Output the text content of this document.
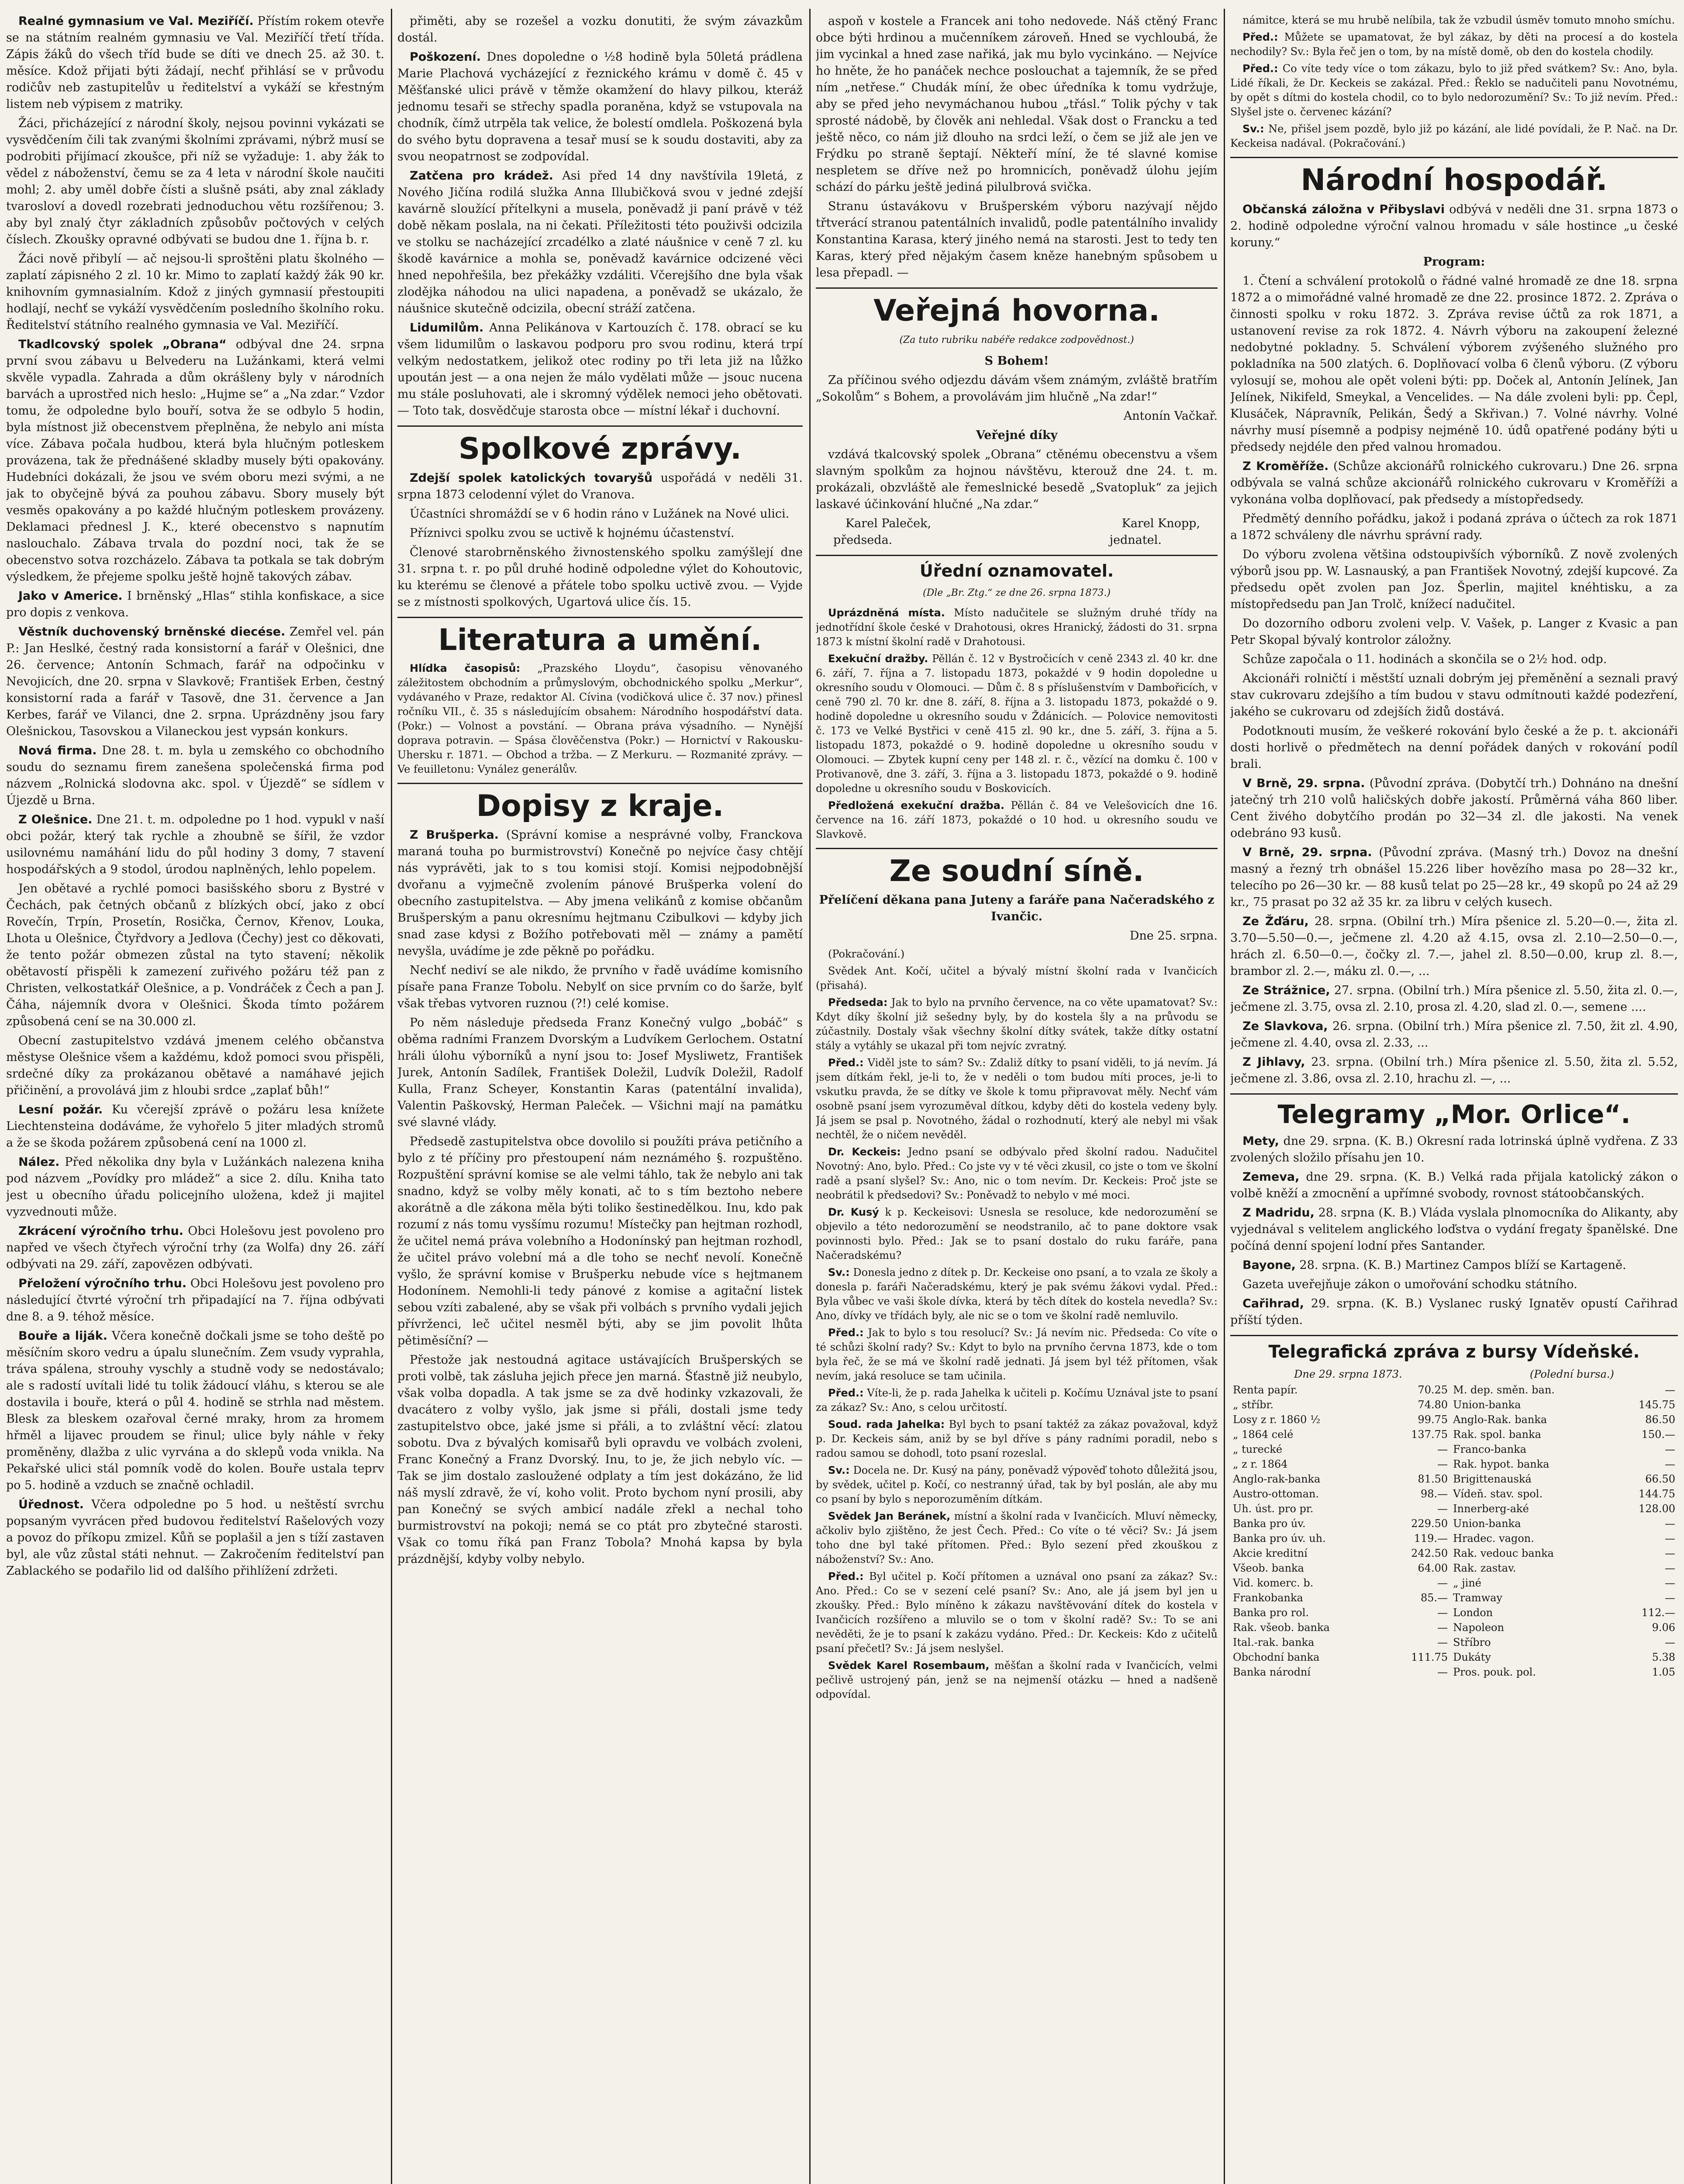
Realné gymnasium ve Val. Meziříčí. Přístím rokem otevře se na státním realném gymnasiu ve Val. Meziříčí třetí třída. Zápis žáků do všech tříd bude se díti ve dnech 25. až 30. t. měsíce. Kdož přijati býti žádají, nechť přihlásí se v průvodu rodičův neb zastupitelův u ředitelství a vykáží se křestným listem neb výpisem z matriky.

Žáci, přicházející z národní školy, nejsou povinni vykázati se vysvědčením čili tak zvanými školními zprávami, nýbrž musí se podrobiti přijímací zkoušce, při níž se vyžaduje: 1. aby žák to vědel z náboženství, čemu se za 4 leta v národní škole naučiti mohl; 2. aby uměl dobře čísti a slušně psáti, aby znal základy tvarosloví a dovedl rozebrati jednoduchou větu rozšířenou; 3. aby byl znalý čtyr základních způsobův počtových v celých číslech. Zkoušky opravné odbývati se budou dne 1. října b. r.

Žáci nově přibylí — ač nejsou-li sproštěni platu školného — zaplatí zápisného 2 zl. 10 kr. Mimo to zaplatí každý žák 90 kr. knihovním gymnasialním. Kdož z jiných gymnasií přestoupiti hodlají, nechť se vykáží vysvědčením posledního školního roku. Ředitelství státního realného gymnasia ve Val. Meziříčí.

Tkadlcovský spolek „Obrana“ odbýval dne 24. srpna první svou zábavu u Belvederu na Lužánkami, která velmi skvěle vypadla. Zahrada a dům okrášleny byly v národních barvách a uprostřed nich heslo: „Hujme se“ a „Na zdar.“ Vzdor tomu, že odpoledne bylo bouří, sotva že se odbylo 5 hodin, byla místnost již obecenstvem přeplněna, že nebylo ani místa více. Zábava počala hudbou, která byla hlučným potleskem provázena, tak že přednášené skladby musely býti opakovány. Hudebníci dokázali, že jsou ve svém oboru mezi svými, a ne jak to obyčejně bývá za pouhou zábavu. Sbory musely být vesměs opakovány a po každé hlučným potleskem provázeny. Deklamaci přednesl J. K., které obecenstvo s napnutím naslouchalo. Zábava trvala do pozdní noci, tak že se obecenstvo sotva rozcházelo. Zábava ta potkala se tak dobrým výsledkem, že přejeme spolku ještě hojně takových zábav.

Jako v Americe. I brněnský „Hlas“ stihla konfiskace, a sice pro dopis z venkova.

Věstník duchovenský brněnské diecése. Zemřel vel. pán P.: Jan Heslké, čestný rada konsistorní a farář v Olešnici, dne 26. července; Antonín Schmach, farář na odpočinku v Nevojicích, dne 20. srpna v Slavkově; František Erben, čestný konsistorní rada a farář v Tasově, dne 31. července a Jan Kerbes, farář ve Vilanci, dne 2. srpna. Uprázdněny jsou fary Olešnickou, Tasovskou a Vilaneckou jest vypsán konkurs.

Nová firma. Dne 28. t. m. byla u zemského co obchodního soudu do seznamu firem zanešena společenská firma pod názvem „Rolnická slodovna akc. spol. v Újezdě“ se sídlem v Újezdě u Brna.

Z Olešnice. Dne 21. t. m. odpoledne po 1 hod. vypukl v naší obci požár, který tak rychle a zhoubně se šířil, že vzdor usilovnému namáhání lidu do půl hodiny 3 domy, 7 stavení hospodářských a 9 stodol, úrodou naplněných, lehlo popelem.

Jen obětavé a rychlé pomoci basišského sboru z Bystré v Čechách, pak četných občanů z blízkých obcí, jako z obcí Rovečín, Trpín, Prosetín, Rosička, Černov, Křenov, Louka, Lhota u Olešnice, Čtyřdvory a Jedlova (Čechy) jest co děkovati, že tento požár obmezen zůstal na tyto stavení; několik obětavostí přispěli k zamezení zuřivého požáru též pan z Christen, velkostatkář Olešnice, a p. Vondráček z Čech a pan J. Čáha, nájemník dvora v Olešnici. Škoda tímto požárem způsobená cení se na 30.000 zl.

Obecní zastupitelstvo vzdává jmenem celého občanstva městyse Olešnice všem a každému, kdož pomoci svou přispěli, srdečné díky za prokázanou obětavé a namáhavé jejich přičinění, a provolává jim z hloubi srdce „zaplať bůh!“

Lesní požár. Ku včerejší zprávě o požáru lesa knížete Liechtensteina dodáváme, že vyhořelo 5 jiter mladých stromů a že se škoda požárem způsobená cení na 1000 zl.

Nález. Před několika dny byla v Lužánkách nalezena kniha pod názvem „Povídky pro mládež“ a sice 2. dílu. Kniha tato jest u obecního úřadu policejního uložena, kdež ji majitel vyzvednouti může.

Zkrácení výročního trhu. Obci Holešovu jest povoleno pro napřed ve všech čtyřech výroční trhy (za Wolfa) dny 26. září odbývati na 29. září, zapovězen odbývati.

Přeložení výročního trhu. Obci Holešovu jest povoleno pro následující čtvrté výroční trh připadající na 7. října odbývati dne 8. a 9. téhož měsíce.

Bouře a liják. Včera konečně dočkali jsme se toho deště po měsíčním skoro vedru a úpalu slunečním. Zem vsudy vyprahla, tráva spálena, strouhy vyschly a studně vody se nedostávalo; ale s radostí uvítali lidé tu tolik žádoucí vláhu, s kterou se ale dostavila i bouře, která o půl 4. hodině se strhla nad městem. Blesk za bleskem ozařoval černé mraky, hrom za hromem hřměl a lijavec proudem se řinul; ulice byly náhle v řeky proměněny, dlažba z ulic vyrvána a do sklepů voda vnikla. Na Pekařské ulici stál pomník vodě do kolen. Bouře ustala teprv po 5. hodině a vzduch se značně ochladil.

Úřednost. Včera odpoledne po 5 hod. u neštěstí svrchu popsaným vyvrácen před budovou ředitelství Rašelových vozy a povoz do příkopu zmizel. Kůň se poplašil a jen s tíží zastaven byl, ale vůz zůstal státi nehnut. — Zakročením ředitelství pan Zablackého se podařilo lid od dalšího přihlížení zdržeti.

přiměti, aby se rozešel a vozku donutiti, že svým závazkům dostál.

Poškození. Dnes dopoledne o ½8 hodině byla 50letá prádlena Marie Plachová vycházející z řeznického krámu v domě č. 45 v Měšťanské ulici právě v těmže okamžení do hlavy pilkou, kteráž jednomu tesaři se střechy spadla poraněna, když se vstupovala na chodník, čímž utrpěla tak velice, že bolestí omdlela. Poškozená byla do svého bytu dopravena a tesař musí se k soudu dostaviti, aby za svou neopatrnost se zodpovídal.

Zatčena pro krádež. Asi před 14 dny navštívila 19letá, z Nového Jičína rodilá služka Anna Illubičková svou v jedné zdejší kavárně sloužící přítelkyni a musela, poněvadž ji paní právě v též době někam poslala, na ni čekati. Příležitosti této použivši odcizila ve stolku se nacházející zrcadélko a zlaté náušnice v ceně 7 zl. ku škodě kavárnice a mohla se, poněvadž kavárnice odcizené věci hned nepohřešila, bez překážky vzdáliti. Včerejšího dne byla však zlodějka náhodou na ulici napadena, a poněvadž se ukázalo, že náušnice skutečně odcizila, obecní stráží zatčena.

Lidumilům. Anna Pelikánova v Kartouzích č. 178. obrací se ku všem lidumilům o laskavou podporu pro svou rodinu, která trpí velkým nedostatkem, jelikož otec rodiny po tři leta již na lůžko upoután jest — a ona nejen že málo vydělati může — jsouc nucena mu stále posluhovati, ale i skromný výdělek nemoci jeho obětovati. — Toto tak, dosvědčuje starosta obce — místní lékař i duchovní.

Spolkové zprávy.

Zdejší spolek katolických tovaryšů uspořádá v neděli 31. srpna 1873 celodenní výlet do Vranova.

Účastníci shromáždí se v 6 hodin ráno v Lužánek na Nové ulici.

Příznivci spolku zvou se uctivě k hojnému účastenství.

Členové starobrněnského živnostenského spolku zamýšlejí dne 31. srpna t. r. po půl druhé hodině odpoledne výlet do Kohoutovic, ku kterému se členové a přátele tobo spolku uctivě zvou. — Vyjde se z místnosti spolkových, Ugartová ulice čís. 15.

Literatura a umění.

Hlídka časopisů: „Prazského Lloydu“, časopisu věnovaného záležitostem obchodním a průmyslovým, obchodnického spolku „Merkur“, vydávaného v Praze, redaktor Al. Cívina (vodičková ulice č. 37 nov.) přinesl ročníku VII., č. 35 s následujícím obsahem: Národního hospodářství data. (Pokr.) — Volnost a povstání. — Obrana práva výsadního. — Nynější doprava potravin. — Spása člověčenstva (Pokr.) — Hornictví v Rakousku-Uhersku r. 1871. — Obchod a tržba. — Z Merkuru. — Rozmanité zprávy. — Ve feuilletonu: Vynález generálův.

Dopisy z kraje.

Z Brušperka. (Správní komise a nesprávné volby, Franckova maraná touha po burmistrovství) Konečně po nejvíce časy chtějí nás vyprávěti, jak to s tou komisi stojí. Komisi nejpodobnější dvořanu a vyjmečně zvolením pánové Brušperka volení do obecního zastupitelstva. — Aby jmena velikánů z komise občanům Brušperským a panu okresnímu hejtmanu Czibulkovi — kdyby jich snad zase kdysi z Božího potřebovati měl — známy a pamětí nevyšla, uvádíme je zde pěkně po pořádku.

Nechť nediví se ale nikdo, že prvního v řadě uvádíme komisního písaře pana Franze Tobolu. Nebylť on sice prvním co do šarže, bylť však třebas vytvoren ruznou (?!) celé komise.

Po něm následuje předseda Franz Konečný vulgo „bobáč“ s oběma radními Franzem Dvorským a Ludvíkem Gerlochem. Ostatní hráli úlohu výborníků a nyní jsou to: Josef Mysliwetz, František Jurek, Antonín Sadílek, František Doležil, Ludvík Doležil, Radolf Kulla, Franz Scheyer, Konstantin Karas (patentální invalida), Valentin Paškovský, Herman Paleček. — Všichni mají na památku své slavné vlády.

Předsedě zastupitelstva obce dovolilo si použíti práva petičního a bylo z té příčiny pro přestoupení nám neznámého §. rozpuštěno. Rozpuštění správní komise se ale velmi táhlo, tak že nebylo ani tak snadno, když se volby měly konati, ač to s tím beztoho nebere akorátně a dle zákona měla býti toliko šestinedělkou. Inu, kdo pak rozumí z nás tomu vysšímu rozumu! Místečky pan hejtman rozhodl, že učitel nemá práva volebního a Hodonínský pan hejtman rozhodl, že učitel právo volební má a dle toho se nechť nevolí. Konečně vyšlo, že správní komise v Brušperku nebude více s hejtmanem Hodonínem. Nemohli-li tedy pánové z komise a agitační listek sebou vzíti zabalené, aby se však při volbách s prvního vydali jejich přívrženci, leč učitel nesměl býti, aby se jim povolit lhůta pětiměsíční? —

Přestože jak nestoudná agitace ustávajících Brušperských se proti volbě, tak zásluha jejich přece jen marná. Šťastně již neubylo, však volba dopadla. A tak jsme se za dvě hodinky vzkazovali, že dvacátero z volby vyšlo, jak jsme si přáli, dostali jsme tedy zastupitelstvo obce, jaké jsme si přáli, a to zvláštní věcí: zlatou sobotu. Dva z bývalých komisařů byli opravdu ve volbách zvoleni, Franc Konečný a Franz Dvorský. Inu, to je, že jich nebylo víc. — Tak se jim dostalo zasloužené odplaty a tím jest dokázáno, že lid náš myslí zdravě, že ví, koho volit. Proto bychom nyní prosili, aby pan Konečný se svých ambicí nadále zřekl a nechal toho burmistrovství na pokoji; nemá se co ptát pro zbytečné starosti. Však co tomu říká pan Franz Tobola? Mnohá kapsa by byla prázdnější, kdyby volby nebylo.

aspoň v kostele a Francek ani toho nedovede. Náš ctěný Franc obce býti hrdinou a mučenníkem zároveň. Hned se vychloubá, že jim vycinkal a hned zase nařiká, jak mu bylo vycinkáno. — Nejvíce ho hněte, že ho panáček nechce poslouchat a tajemník, že se před ním „netřese.“ Chudák míní, že obec úředníka k tomu vydržuje, aby se před jeho nevymáchanou hubou „třásl.“ Tolik pýchy v tak sprosté nádobě, by člověk ani nehledal. Však dost o Francku a ted ještě něco, co nám již dlouho na srdci leží, o čem se již ale jen ve Frýdku po straně šeptají. Někteří míní, že té slavné komise nespletem se dříve než po hromnicích, poněvadž úlohu jejím schází do párku ještě jediná pilulbrová svička.

Stranu ústavákovu v Brušperském výboru nazývají nějdo třtverácí stranou patentálních invalidů, podle patentálního invalidy Konstantina Karasa, který jiného nemá na starosti. Jest to tedy ten Karas, který před nějakým časem kněze hanebným spůsobem u lesa přepadl. —

Veřejná hovorna.
(Za tuto rubriku nabéře redakce zodpovědnost.)

S Bohem!

Za příčinou svého odjezdu dávám všem známým, zvláště bratřím „Sokolům“ s Bohem, a provolávám jim hlučně „Na zdar!“

Antonín Vačkař.

Veřejné díky

vzdává tkalcovský spolek „Obrana“ ctěnému obecenstvu a všem slavným spolkům za hojnou návštěvu, kterouž dne 24. t. m. prokázali, obzvláště ale řemeslnické besedě „Svatopluk“ za jejich laskavé účinkování hlučné „Na zdar.“

Karel Paleček,
předseda.
Karel Knopp,
jednatel.

Úřední oznamovatel.
(Dle „Br. Ztg.“ ze dne 26. srpna 1873.)

Uprázdněná místa. Místo nadučitele se služným druhé třídy na jednotřídní škole české v Drahotousi, okres Hranický, žádosti do 31. srpna 1873 k místní školní radě v Drahotousi.

Exekuční dražby. Pěllán č. 12 v Bystročicích v ceně 2343 zl. 40 kr. dne 6. září, 7. října a 7. listopadu 1873, pokaždé v 9 hodin dopoledne u okresního soudu v Olomouci. — Dům č. 8 s příslušenstvím v Dambořicích, v ceně 790 zl. 70 kr. dne 8. září, 8. října a 3. listopadu 1873, pokaždé o 9. hodině dopoledne u okresního soudu v Ždánicích. — Polovice nemovitosti č. 173 ve Velké Bystřici v ceně 415 zl. 90 kr., dne 5. září, 3. října a 5. listopadu 1873, pokaždé o 9. hodině dopoledne u okresního soudu v Olomouci. — Zbytek kupní ceny per 148 zl. r. č., vězící na domku č. 100 v Protivanově, dne 3. září, 3. října a 3. listopadu 1873, pokaždé o 9. hodině dopoledne u okresního soudu v Boskovicích.

Předložená exekuční dražba. Pěllán č. 84 ve Velešovicích dne 16. července na 16. září 1873, pokaždé o 10 hod. u okresního soudu ve Slavkově.

Ze soudní síně.

Přelíčení děkana pana Juteny a faráře pana Načeradského z Ivančic.

Dne 25. srpna.

(Pokračování.)

Svědek Ant. Kočí, učitel a bývalý místní školní rada v Ivančicích (přisahá).

Předseda: Jak to bylo na prvního července, na co věte upamatovat? Sv.: Kdyt díky školní již sešedny byly, by do kostela šly a na průvodu se zúčastnily. Dostaly však všechny školní dítky svátek, takže dítky ostatní stály a vytáhly se ukazal při tom nejvíc zvratný.

Před.: Viděl jste to sám? Sv.: Zdaliž dítky to psaní viděli, to já nevím. Já jsem dítkám řekl, je-li to, že v neděli o tom budou míti proces, je-li to vskutku pravda, že se dítky ve škole k tomu připravovat měly. Nechť vám osobně psaní jsem vyrozuměval dítkou, kdyby děti do kostela vedeny byly. Já jsem se psal p. Novotného, žádal o rozhodnutí, který ale nebyl mi však nechtěl, že o ničem nevěděl.

Dr. Keckeis: Jedno psaní se odbývalo před školní radou. Nadučitel Novotný: Ano, bylo. Před.: Co jste vy v té věci zkusil, co jste o tom ve školní radě a psaní slyšel? Sv.: Ano, nic o tom nevím. Dr. Keckeis: Proč jste se neobrátil k předsedovi? Sv.: Poněvadž to nebylo v mé moci.

Dr. Kusý k p. Keckeisovi: Usnesla se resoluce, kde nedorozumění se objevilo a této nedorozumění se neodstranilo, ač to pane doktore vsak povinnosti bylo. Před.: Jak se to psaní dostalo do ruku faráře, pana Načeradskému?

Sv.: Donesla jedno z dítek p. Dr. Keckeise ono psaní, a to vzala ze školy a donesla p. faráři Načeradskému, který je pak svému žákovi vydal. Před.: Byla vůbec ve vaši škole dívka, která by těch dítek do kostela nevedla? Sv.: Ano, dívky ve třídách byly, ale nic se o tom ve školní radě nemluvilo.

Před.: Jak to bylo s tou resolucí? Sv.: Já nevím nic. Předseda: Co víte o té schůzi školní rady? Sv.: Kdyt to bylo na prvního června 1873, kde o tom byla řeč, že se má ve školní radě jednati. Já jsem byl též přítomen, však nevím, jaká resoluce se tam učinila.

Před.: Víte-li, že p. rada Jahelka k učiteli p. Kočímu Uznával jste to psaní za zákaz? Sv.: Ano, s celou určitostí.

Soud. rada Jahelka: Byl bych to psaní taktéž za zákaz považoval, když p. Dr. Keckeis sám, aniž by se byl dříve s pány radními poradil, nebo s radou samou se dohodl, toto psaní rozeslal.

Sv.: Docela ne. Dr. Kusý na pány, poněvadž výpověď tohoto důležitá jsou, by svědek, učitel p. Kočí, co nestranný úřad, tak by byl poslán, ale aby mu co psaní by bylo s neporozuměním dítkám.

Svědek Jan Beránek, místní a školní rada v Ivančicích. Mluví německy, ačkoliv bylo zjištěno, že jest Čech. Před.: Co víte o té věci? Sv.: Já jsem toho dne byl také přítomen. Před.: Bylo sezení před zkouškou z náboženství? Sv.: Ano.

Před.: Byl učitel p. Kočí přítomen a uznával ono psaní za zákaz? Sv.: Ano. Před.: Co se v sezení celé psaní? Sv.: Ano, ale já jsem byl jen u zkoušky. Před.: Bylo míněno k zákazu navštěvování dítek do kostela v Ivančicích rozšířeno a mluvilo se o tom v školní radě? Sv.: To se ani nevěděti, že je to psaní k zakázu vydáno. Před.: Dr. Keckeis: Kdo z učitelů psaní přečetl? Sv.: Já jsem neslyšel.

Svědek Karel Rosembaum, měšťan a školní rada v Ivančicích, velmi pečlivě ustrojený pán, jenž se na nejmenší otázku — hned a nadšeně odpovídal.

námitce, která se mu hrubě nelíbila, tak že vzbudil úsměv tomuto mnoho smíchu.

Před.: Můžete se upamatovat, že byl zákaz, by děti na procesí a do kostela nechodily? Sv.: Byla řeč jen o tom, by na místě domě, ob den do kostela chodily.

Před.: Co víte tedy více o tom zákazu, bylo to již před svátkem? Sv.: Ano, byla. Lidé říkali, že Dr. Keckeis se zakázal. Před.: Řeklo se nadučiteli panu Novotnému, by opět s dítmi do kostela chodil, co to bylo nedorozumění? Sv.: To již nevím. Před.: Slyšel jste o. červenec kázání?

Sv.: Ne, přišel jsem pozdě, bylo již po kázání, ale lidé povídali, že P. Nač. na Dr. Keckeisa nadával. (Pokračování.)

Národní hospodář.

Občanská záložna v Přibyslavi odbývá v neděli dne 31. srpna 1873 o 2. hodině odpoledne výroční valnou hromadu v sále hostince „u české koruny.“

Program:

1. Čtení a schválení protokolů o řádné valné hromadě ze dne 18. srpna 1872 a o mimořádné valné hromadě ze dne 22. prosince 1872. 2. Zpráva o činnosti spolku v roku 1872. 3. Zpráva revise účtů za rok 1871, a ustanovení revise za rok 1872. 4. Návrh výboru na zakoupení železné nedobytné pokladny. 5. Schválení výborem zvýšeného služného pro pokladníka na 500 zlatých. 6. Doplňovací volba 6 členů výboru. (Z výboru vylosují se, mohou ale opět voleni býti: pp. Doček al, Antonín Jelínek, Jan Jelínek, Nikifeld, Smeykal, a Vencelides. — Na dále zvoleni byli: pp. Čepl, Klusáček, Nápravník, Pelikán, Šedý a Skřivan.) 7. Volné návrhy. Volné návrhy musí písemně a podpisy nejméně 10. údů opatřené podány býti u předsedy nejdéle den před valnou hromadou.

Z Kroměříže. (Schůze akcionářů rolnického cukrovaru.) Dne 26. srpna odbývala se valná schůze akcionářů rolnického cukrovaru v Kroměříži a vykonána volba doplňovací, pak předsedy a místopředsedy.

Předmětý denního pořádku, jakož i podaná zpráva o účtech za rok 1871 a 1872 schváleny dle návrhu správní rady.

Do výboru zvolena většina odstoupivších výborníků. Z nově zvolených výborů jsou pp. W. Lasnauský, a pan František Novotný, zdejší kupcové. Za předsedu opět zvolen pan Joz. Šperlin, majitel knéhtisku, a za místopředsedu pan Jan Trolč, knížecí nadučitel.

Do dozorního odboru zvoleni velp. V. Vašek, p. Langer z Kvasic a pan Petr Skopal bývalý kontrolor záložny.

Schůze započala o 11. hodinách a skončila se o 2½ hod. odp.

Akcionáři rolničtí i městští uznali dobrým jej přeměnění a seznali pravý stav cukrovaru zdejšího a tím budou v stavu odmítnouti každé podezření, jakého se cukrovaru od zdejších židů dostává.

Podotknouti musím, že veškeré rokování bylo české a že p. t. akcionáři dosti horlivě o předmětech na denní pořádek daných v rokování podíl brali.

V Brně, 29. srpna. (Původní zpráva. (Dobytčí trh.) Dohnáno na dnešní jatečný trh 210 volů haličských dobře jakostí. Průměrná váha 860 liber. Cent živého dobytčího prodán po 32—34 zl. dle jakosti. Na venek odebráno 93 kusů.

V Brně, 29. srpna. (Původní zpráva. (Masný trh.) Dovoz na dnešní masný a řezný trh obnášel 15.226 liber hovězího masa po 28—32 kr., telecího po 26—30 kr. — 88 kusů telat po 25—28 kr., 49 skopů po 24 až 29 kr., 75 prasat po 32 až 35 kr. za libru v celých kusech.

Ze Žďáru, 28. srpna. (Obilní trh.) Míra pšenice zl. 5.20—0.—, žita zl. 3.70—5.50—0.—, ječmene zl. 4.20 až 4.15, ovsa zl. 2.10—2.50—0.—, hrách zl. 6.50—0.—, čočky zl. 7.—, jahel zl. 8.50—0.00, krup zl. 8.—, brambor zl. 2.—, máku zl. 0.—, ...

Ze Strážnice, 27. srpna. (Obilní trh.) Míra pšenice zl. 5.50, žita zl. 0.—, ječmene zl. 3.75, ovsa zl. 2.10, prosa zl. 4.20, slad zl. 0.—, semene ....

Ze Slavkova, 26. srpna. (Obilní trh.) Míra pšenice zl. 7.50, žit zl. 4.90, ječmene zl. 4.40, ovsa zl. 2.33, ...

Z Jihlavy, 23. srpna. (Obilní trh.) Míra pšenice zl. 5.50, žita zl. 5.52, ječmene zl. 3.86, ovsa zl. 2.10, hrachu zl. —, ...

Telegramy „Mor. Orlice“.

Mety, dne 29. srpna. (K. B.) Okresní rada lotrinská úplně vydřena. Z 33 zvolených složilo přísahu jen 10.

Zemeva, dne 29. srpna. (K. B.) Velká rada přijala katolický zákon o volbě kněží a zmocnění a upřímné svobody, rovnost státoobčanských.

Z Madridu, 28. srpna (K. B.) Vláda vyslala plnomocníka do Alikanty, aby vyjednával s velitelem anglického loďstva o vydání fregaty španělské. Dne počíná denní spojení lodní přes Santander.

Bayone, 28. srpna. (K. B.) Martinez Campos blíží se Kartageně.

Gazeta uveřejňuje zákon o umořování schodku státního.

Cařihrad, 29. srpna. (K. B.) Vyslanec ruský Ignatěv opustí Cařihrad příští týden.

Telegrafická zpráva z bursy Vídeňské.
Dne 29. srpna 1873.	(Polední bursa.)
Renta papír.	70.25	M. dep. směn. ban.	—
„ stříbr.	74.80	Union-banka	145.75
Losy z r. 1860 ½	99.75	Anglo-Rak. banka	86.50
„ 1864 celé	137.75	Rak. spol. banka	150.—
„ turecké	—	Franco-banka	—
„ z r. 1864	—	Rak. hypot. banka	—
Anglo-rak-banka	81.50	Brigittenauská	66.50
Austro-ottoman.	98.—	Vídeň. stav. spol.	144.75
Uh. úst. pro pr.	—	Innerberg-aké	128.00
Banka pro úv.	229.50	Union-banka	—
Banka pro úv. uh.	119.—	Hradec. vagon.	—
Akcie kreditní	242.50	Rak. vedouc banka	—
Všeob. banka	64.00	Rak. zastav.	—
Vid. komerc. b.	—	„ jiné	—
Frankobanka	85.—	Tramway	—
Banka pro rol.	—	London	112.—
Rak. všeob. banka	—	Napoleon	9.06
Ital.-rak. banka	—	Stříbro	—
Obchodní banka	111.75	Dukáty	5.38
Banka národní	—	Pros. pouk. pol.	1.05
